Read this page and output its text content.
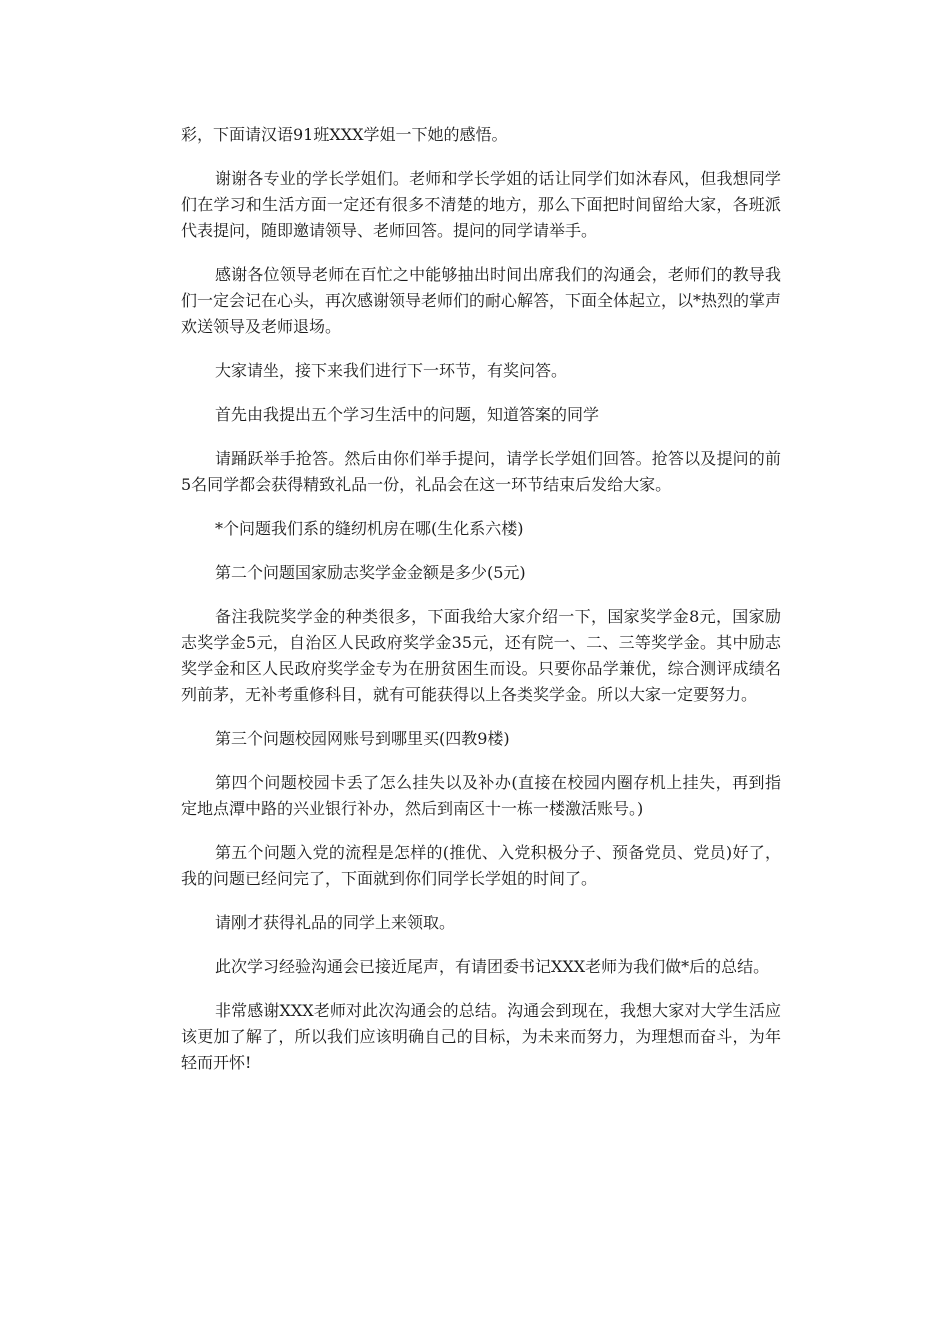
彩，下面请汉语91班XXX学姐一下她的感悟。

谢谢各专业的学长学姐们。老师和学长学姐的话让同学们如沐春风，但我想同学们在学习和生活方面一定还有很多不清楚的地方，那么下面把时间留给大家，各班派代表提问，随即邀请领导、老师回答。提问的同学请举手。

感谢各位领导老师在百忙之中能够抽出时间出席我们的沟通会，老师们的教导我们一定会记在心头，再次感谢领导老师们的耐心解答，下面全体起立，以*热烈的掌声欢送领导及老师退场。

大家请坐，接下来我们进行下一环节，有奖问答。

首先由我提出五个学习生活中的问题，知道答案的同学

请踊跃举手抢答。然后由你们举手提问，请学长学姐们回答。抢答以及提问的前5名同学都会获得精致礼品一份，礼品会在这一环节结束后发给大家。

*个问题我们系的缝纫机房在哪(生化系六楼)

第二个问题国家励志奖学金金额是多少(5元)

备注我院奖学金的种类很多，下面我给大家介绍一下，国家奖学金8元，国家励志奖学金5元，自治区人民政府奖学金35元，还有院一、二、三等奖学金。其中励志奖学金和区人民政府奖学金专为在册贫困生而设。只要你品学兼优，综合测评成绩名列前茅，无补考重修科目，就有可能获得以上各类奖学金。所以大家一定要努力。

第三个问题校园网账号到哪里买(四教9楼)

第四个问题校园卡丢了怎么挂失以及补办(直接在校园内圈存机上挂失，再到指定地点潭中路的兴业银行补办，然后到南区十一栋一楼激活账号。)

第五个问题入党的流程是怎样的(推优、入党积极分子、预备党员、党员)好了，我的问题已经问完了，下面就到你们同学长学姐的时间了。

请刚才获得礼品的同学上来领取。

此次学习经验沟通会已接近尾声，有请团委书记XXX老师为我们做*后的总结。

非常感谢XXX老师对此次沟通会的总结。沟通会到现在，我想大家对大学生活应该更加了解了，所以我们应该明确自己的目标，为未来而努力，为理想而奋斗，为年轻而开怀!
